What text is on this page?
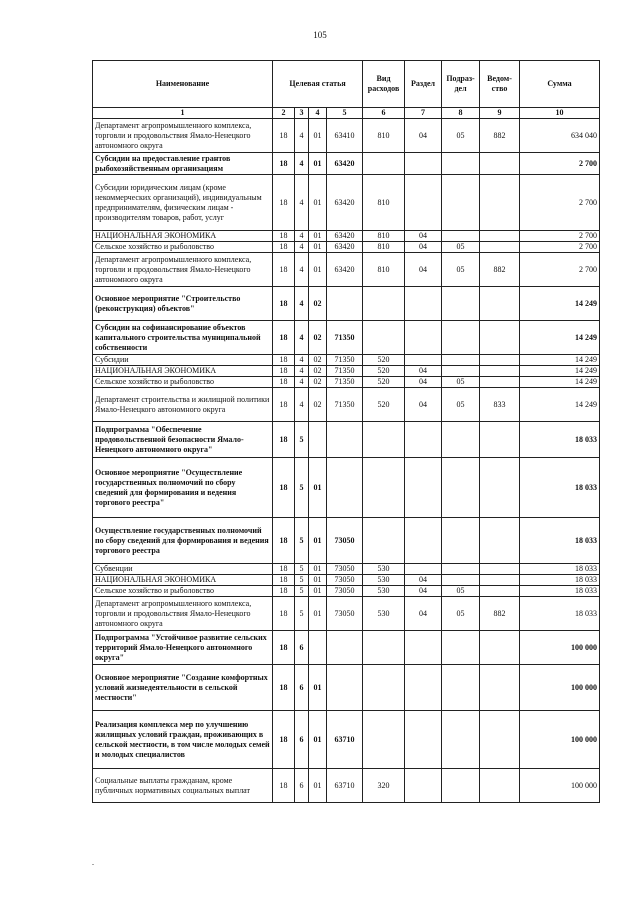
105
Наименование	Целевая статья				Вид расходов	Раздел	Подраз-дел	Ведом-ство	Сумма
1	2	3	4	5	6	7	8	9	10
Департамент агропромышленного комплекса, торговли и продовольствия Ямало-Ненецкого автономного округа	18	4	01	63410	810	04	05	882	634 040
Субсидии на предоставление грантов рыбохозяйственным организациям	18	4	01	63420					2 700
Субсидии юридическим лицам (кроме некоммерческих организаций), индивидуальным предпринимателям, физическим лицам - производителям товаров, работ, услуг	18	4	01	63420	810				2 700
НАЦИОНАЛЬНАЯ ЭКОНОМИКА	18	4	01	63420	810	04			2 700
Сельское хозяйство и рыболовство	18	4	01	63420	810	04	05		2 700
Департамент агропромышленного комплекса, торговли и продовольствия Ямало-Ненецкого автономного округа	18	4	01	63420	810	04	05	882	2 700
Основное мероприятие "Строительство (реконструкция) объектов"	18	4	02						14 249
Субсидии на софинансирование объектов капитального строительства муниципальной собственности	18	4	02	71350					14 249
Субсидии	18	4	02	71350	520				14 249
НАЦИОНАЛЬНАЯ ЭКОНОМИКА	18	4	02	71350	520	04			14 249
Сельское хозяйство и рыболовство	18	4	02	71350	520	04	05		14 249
Департамент строительства и жилищной политики Ямало-Ненецкого автономного округа	18	4	02	71350	520	04	05	833	14 249
Подпрограмма "Обеспечение продовольственной безопасности Ямало-Ненецкого автономного округа"	18	5							18 033
Основное мероприятие "Осуществление государственных полномочий по сбору сведений для формирования и ведения торгового реестра"	18	5	01						18 033
Осуществление государственных полномочий по сбору сведений для формирования и ведения торгового реестра	18	5	01	73050					18 033
Субвенции	18	5	01	73050	530				18 033
НАЦИОНАЛЬНАЯ ЭКОНОМИКА	18	5	01	73050	530	04			18 033
Сельское хозяйство и рыболовство	18	5	01	73050	530	04	05		18 033
Департамент агропромышленного комплекса, торговли и продовольствия Ямало-Ненецкого автономного округа	18	5	01	73050	530	04	05	882	18 033
Подпрограмма "Устойчивое развитие сельских территорий Ямало-Ненецкого автономного округа"	18	6							100 000
Основное мероприятие "Создание комфортных условий жизнедеятельности в сельской местности"	18	6	01						100 000
Реализация комплекса мер по улучшению жилищных условий граждан, проживающих в сельской местности, в том числе молодых семей и молодых специалистов	18	6	01	63710					100 000
Социальные выплаты гражданам, кроме публичных нормативных социальных выплат	18	6	01	63710	320				100 000
.
